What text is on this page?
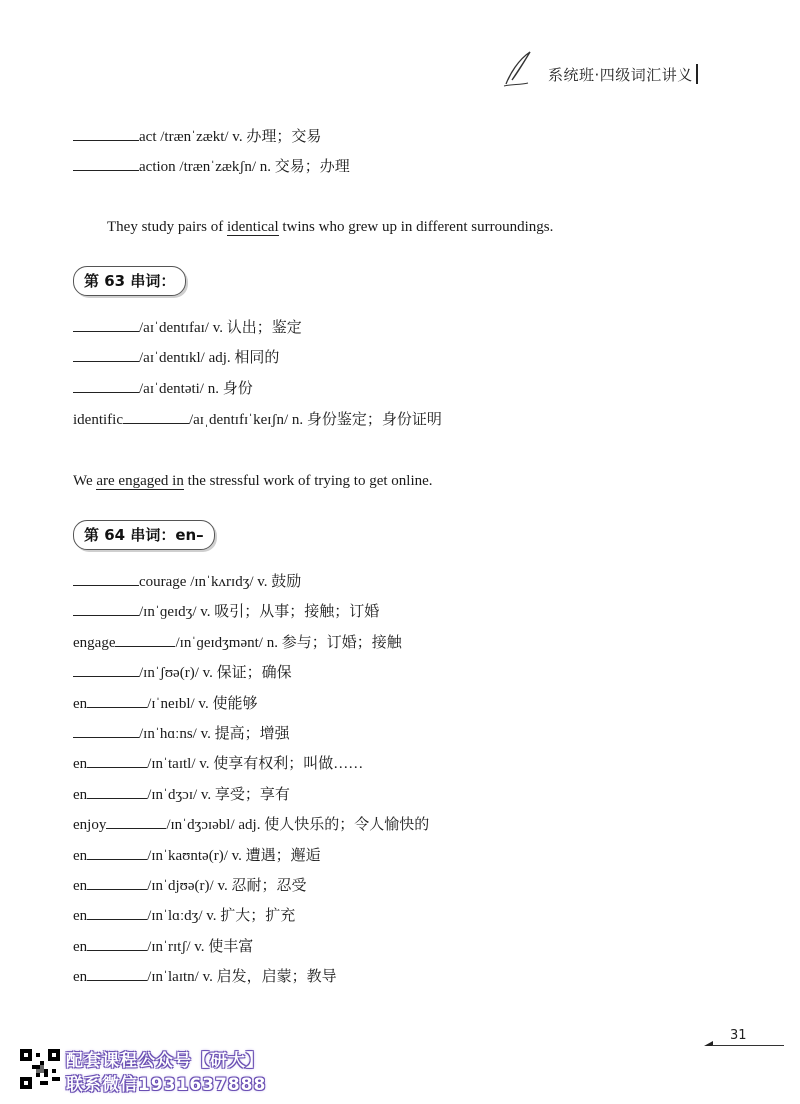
系统班·四级词汇讲义
act /trænˈzækt/ v. 办理；交易
action /trænˈzækʃn/ n. 交易；办理
They study pairs of identical twins who grew up in different surroundings.
第 63 串词：
/aɪˈdentɪfaɪ/ v. 认出；鉴定
/aɪˈdentɪkl/ adj. 相同的
/aɪˈdentəti/ n. 身份
identific	/aɪˌdentɪfɪˈkeɪʃn/ n. 身份鉴定；身份证明
We are engaged in the stressful work of trying to get online.
第 64 串词：en–
courage /ɪnˈkʌrɪdʒ/ v. 鼓励
/ɪnˈɡeɪdʒ/ v. 吸引；从事；接触；订婚
engage	/ɪnˈɡeɪdʒmənt/ n. 参与；订婚；接触
/ɪnˈʃʊə(r)/ v. 保证；确保
en	/ɪˈneɪbl/ v. 使能够
/ɪnˈhɑːns/ v. 提高；增强
en	/ɪnˈtaɪtl/ v. 使享有权利；叫做……
en	/ɪnˈdʒɔɪ/ v. 享受；享有
enjoy	/ɪnˈdʒɔɪəbl/ adj. 使人快乐的；令人愉快的
en	/ɪnˈkaʊntə(r)/ v. 遭遇；邂逅
en	/ɪnˈdjʊə(r)/ v. 忍耐；忍受
en	/ɪnˈlɑːdʒ/ v. 扩大；扩充
en	/ɪnˈrɪtʃ/ v. 使丰富
en	/ɪnˈlaɪtn/ v. 启发，启蒙；教导
31
配套课程公众号【研大】
联系微信1931637888
